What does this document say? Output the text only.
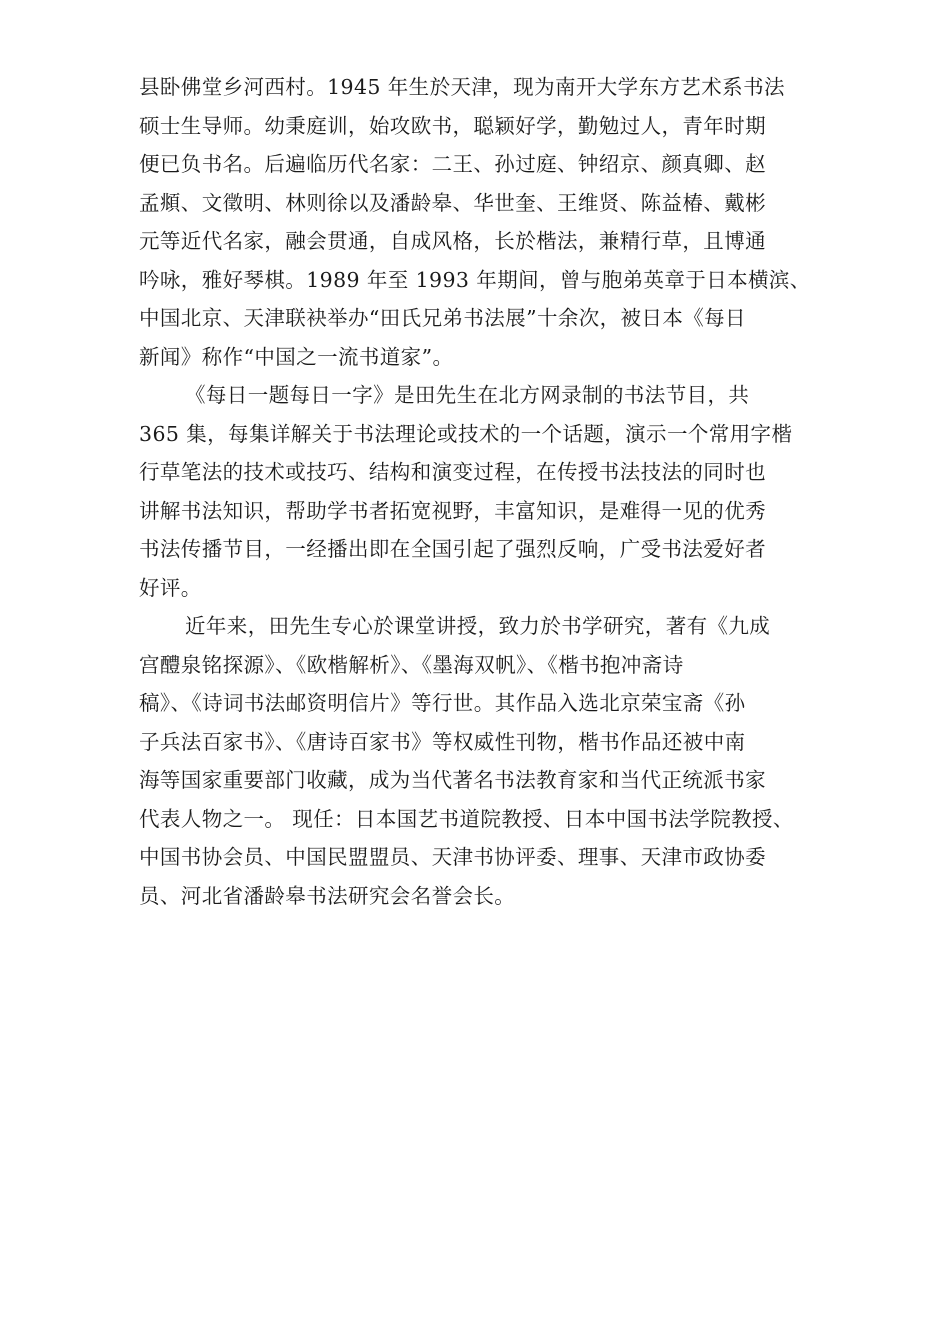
县卧佛堂乡河西村。1945 年生於天津，现为南开大学东方艺术系书法
硕士生导师。幼秉庭训，始攻欧书，聪颖好学，勤勉过人，青年时期
便已负书名。后遍临历代名家：二王、孙过庭、钟绍京、颜真卿、赵
孟頫、文徵明、林则徐以及潘龄皋、华世奎、王维贤、陈益椿、戴彬
元等近代名家，融会贯通，自成风格，长於楷法，兼精行草，且博通
吟咏，雅好琴棋。1989 年至 1993 年期间，曾与胞弟英章于日本横滨、
中国北京、天津联袂举办“田氏兄弟书法展”十余次，被日本《每日
新闻》称作“中国之一流书道家”。
《每日一题每日一字》是田先生在北方网录制的书法节目，共
365 集，每集详解关于书法理论或技术的一个话题，演示一个常用字楷
行草笔法的技术或技巧、结构和演变过程，在传授书法技法的同时也
讲解书法知识，帮助学书者拓宽视野，丰富知识，是难得一见的优秀
书法传播节目，一经播出即在全国引起了强烈反响，广受书法爱好者
好评。
近年来，田先生专心於课堂讲授，致力於书学研究，著有《九成
宫醴泉铭探源》、《欧楷解析》、《墨海双帆》、《楷书抱冲斋诗
稿》、《诗词书法邮资明信片》等行世。其作品入选北京荣宝斋《孙
子兵法百家书》、《唐诗百家书》等权威性刊物，楷书作品还被中南
海等国家重要部门收藏，成为当代著名书法教育家和当代正统派书家
代表人物之一。 现任：日本国艺书道院教授、日本中国书法学院教授、
中国书协会员、中国民盟盟员、天津书协评委、理事、天津市政协委
员、河北省潘龄皋书法研究会名誉会长。
